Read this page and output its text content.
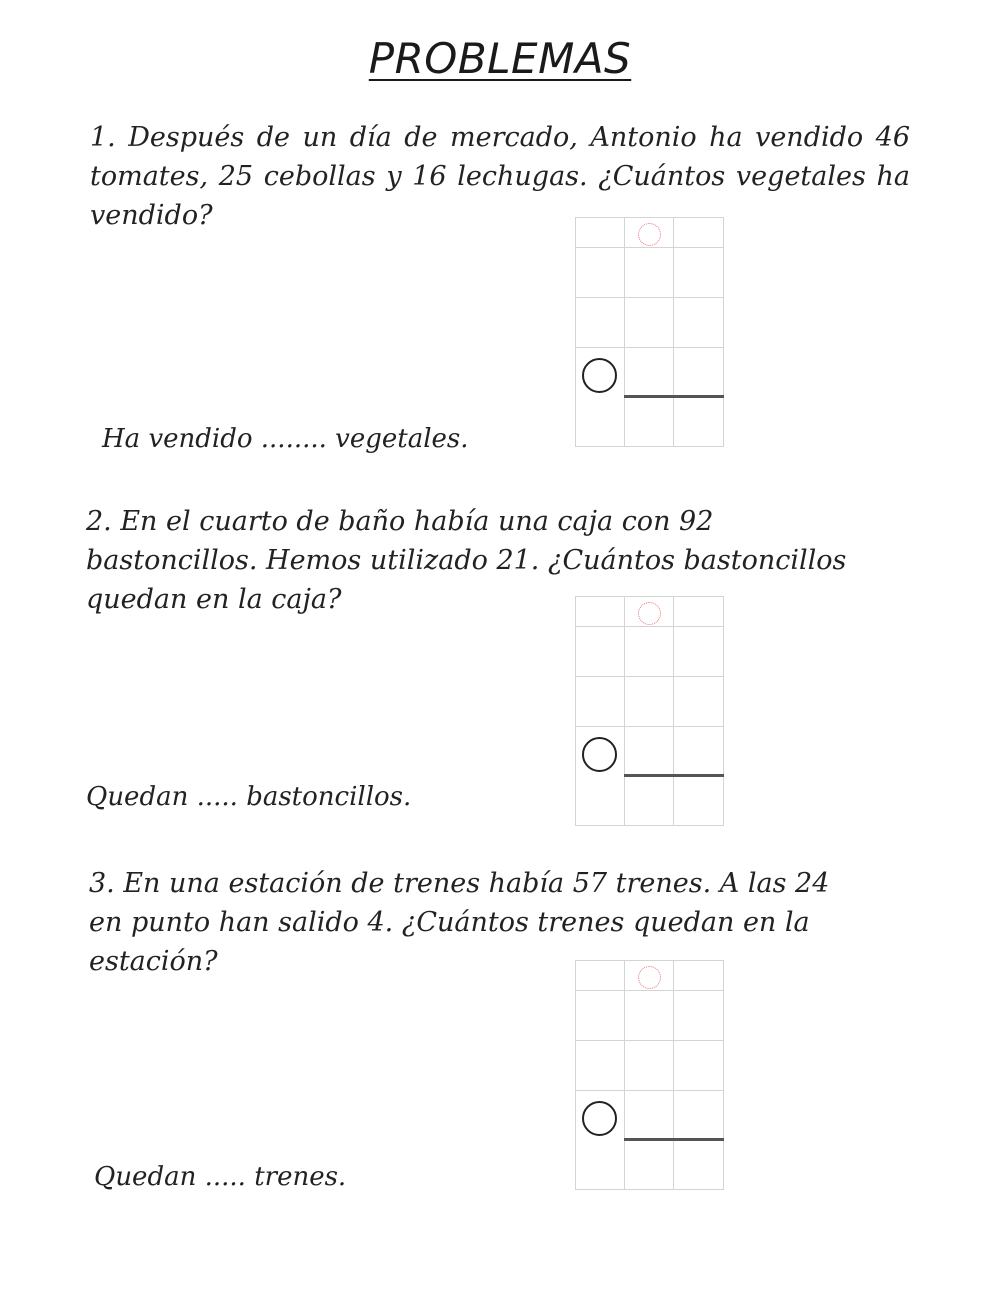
PROBLEMAS
1. Después de un día de mercado, Antonio ha vendido 46 tomates, 25 cebollas y 16 lechugas. ¿Cuántos vegetales ha vendido?
Ha vendido ........ vegetales.
2. En el cuarto de baño había una caja con 92 bastoncillos. Hemos utilizado 21. ¿Cuántos bastoncillos quedan en la caja?
Quedan ..... bastoncillos.
3. En una estación de trenes había 57 trenes. A las 24 en punto han salido 4. ¿Cuántos trenes quedan en la estación?
Quedan ..... trenes.
